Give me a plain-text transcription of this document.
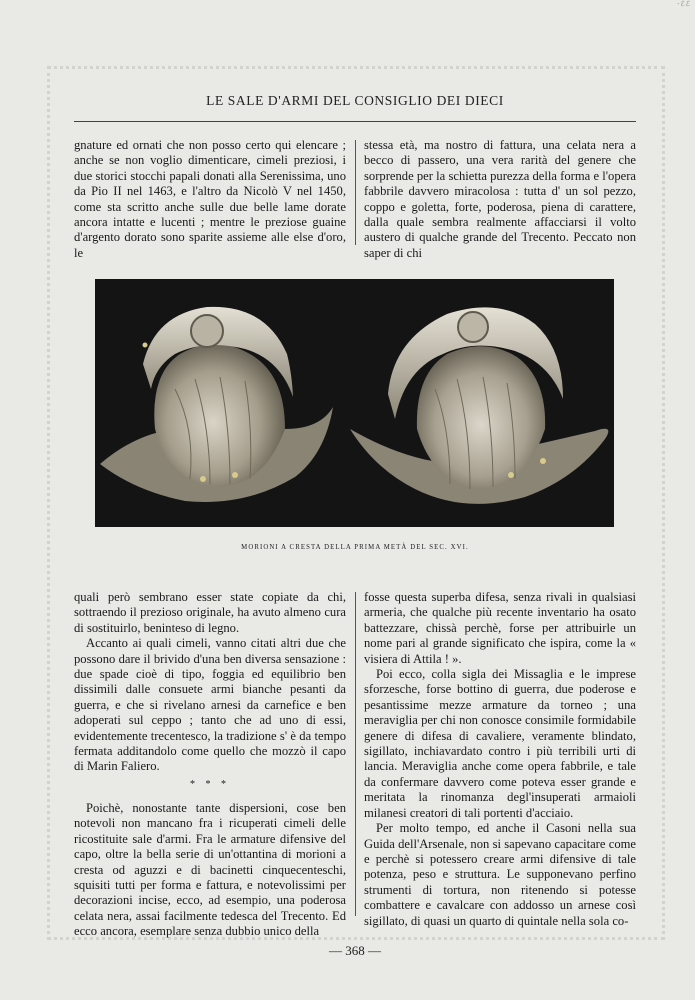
-ℰℰ
LE SALE D'ARMI DEL CONSIGLIO DEI DIECI

gnature ed ornati che non posso certo qui elencare ; anche se non voglio dimenticare, cimeli preziosi, i due storici stocchi papali donati alla Serenissima, uno da Pio II nel 1463, e l'altro da Nicolò V nel 1450, come sta scritto anche sulle due belle lame dorate ancora intatte e lucenti ; mentre le preziose guaine d'argento dorato sono sparite assieme alle else d'oro, le

stessa età, ma nostro di fattura, una celata nera a becco di passero, una vera rarità del genere che sorprende per la schietta purezza della forma e l'opera fabbrile davvero miracolosa : tutta d' un sol pezzo, coppo e goletta, forte, poderosa, piena di carattere, dalla quale sembra realmente affacciarsi il volto austero di qualche grande del Trecento. Peccato non saper di chi

MORIONI A CRESTA DELLA PRIMA METÀ DEL SEC. XVI.

quali però sembrano esser state copiate da chi, sottraendo il prezioso originale, ha avuto almeno cura di sostituirlo, beninteso di legno.

Accanto ai quali cimeli, vanno citati altri due che possono dare il brivido d'una ben diversa sensazione : due spade cioè di tipo, foggia ed equilibrio ben dissimili dalle consuete armi bianche pesanti da guerra, e che si rivelano arnesi da carnefice e ben adoperati sul ceppo ; tanto che ad uno di essi, evidentemente trecentesco, la tradizione s' è da tempo fermata additandolo come quello che mozzò il capo di Marin Faliero.

* * *

Poichè, nonostante tante dispersioni, cose ben notevoli non mancano fra i ricuperati cimeli delle ricostituite sale d'armi. Fra le armature difensive del capo, oltre la bella serie di un'ottantina di morioni a cresta od aguzzi e di bacinetti cinquecenteschi, squisiti tutti per forma e fattura, e notevolissimi per decorazioni incise, ecco, ad esempio, una poderosa celata nera, assai facilmente tedesca del Trecento. Ed ecco ancora, esemplare senza dubbio unico della

fosse questa superba difesa, senza rivali in qualsiasi armeria, che qualche più recente inventario ha osato battezzare, chissà perchè, forse per attribuirle un nome pari al grande significato che ispira, come la « visiera di Attila ! ».

Poi ecco, colla sigla dei Missaglia e le imprese sforzesche, forse bottino di guerra, due poderose e pesantissime mezze armature da torneo ; una meraviglia per chi non conosce consimile formidabile genere di difesa di cavaliere, veramente blindato, sigillato, inchiavardato contro i più terribili urti di lancia. Meraviglia anche come opera fabbrile, e tale da confermare davvero come poteva esser grande e meritata la rinomanza degl'insuperati armaioli milanesi creatori di tali portenti d'acciaio.

Per molto tempo, ed anche il Casoni nella sua Guida dell'Arsenale, non si sapevano capacitare come e perchè si potessero creare armi difensive di tale potenza, peso e struttura. Le supponevano perfino strumenti di tortura, non ritenendo si potesse combattere e cavalcare con addosso un arnese così sigillato, di quasi un quarto di quintale nella sola co-

— 368 —
